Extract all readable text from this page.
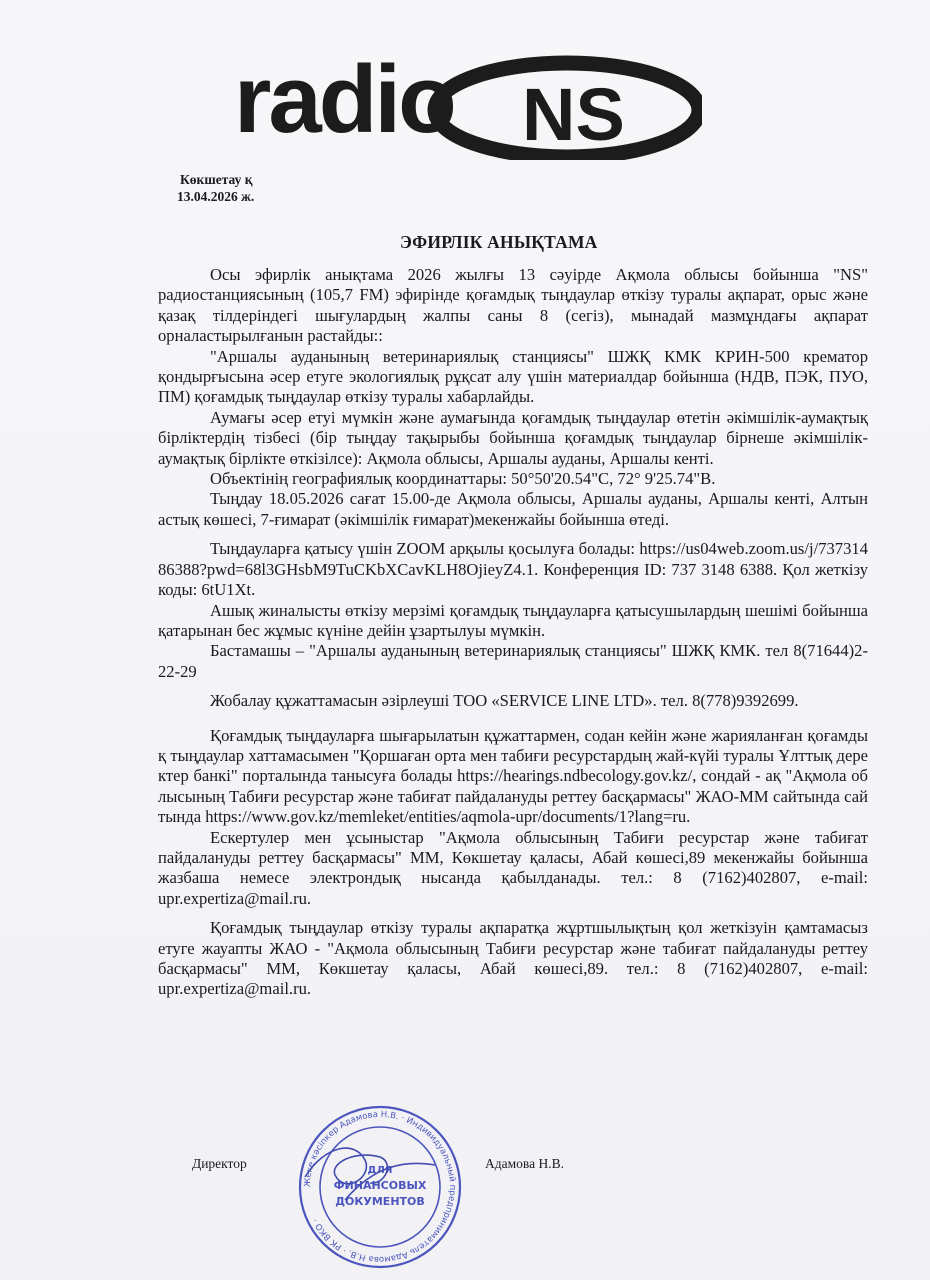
radio NS
Көкшетау қ
13.04.2026 ж.
ЭФИРЛІК АНЫҚТАМА

Осы эфирлік анықтама 2026 жылғы 13 сәуірде Ақмола облысы бойынша "NS" радиостанциясының (105,7 FM) эфирінде қоғамдық тыңдаулар өткізу туралы ақпарат, орыс және қазақ тілдеріндегі шығулардың жалпы саны 8 (сегіз), мынадай мазмұндағы ақпарат орналастырылғанын растайды::

"Аршалы ауданының ветеринариялық станциясы" ШЖҚ КМК КРИН-500 крематор қондырғысына әсер етуге экологиялық рұқсат алу үшін материалдар бойынша (НДВ, ПЭК, ПУО, ПМ) қоғамдық тыңдаулар өткізу туралы хабарлайды.

Аумағы әсер етуі мүмкін және аумағында қоғамдық тыңдаулар өтетін әкімшілік-аумақтық бірліктердің тізбесі (бір тыңдау тақырыбы бойынша қоғамдық тыңдаулар бірнеше әкімшілік-аумақтық бірлікте өткізілсе): Ақмола облысы, Аршалы ауданы, Аршалы кенті.

Объектінің географиялық координаттары: 50°50'20.54"С, 72° 9'25.74"В.

Тыңдау 18.05.2026 сағат 15.00-де Ақмола облысы, Аршалы ауданы, Аршалы кенті, Алтын астық көшесі, 7-ғимарат (әкімшілік ғимарат)мекенжайы бойынша өтеді.

Тыңдауларға қатысу үшін ZOOM арқылы қосылуға болады: https://us04web.zoom.us/j/73731486388?pwd=68l3GHsbM9TuCKbXCavKLH8OjieyZ4.1. Конференция ID: 737 3148 6388. Қол жеткізу коды: 6tU1Xt.

Ашық жиналысты өткізу мерзімі қоғамдық тыңдауларға қатысушылардың шешімі бойынша қатарынан бес жұмыс күніне дейін ұзартылуы мүмкін.

Бастамашы – "Аршалы ауданының ветеринариялық станциясы" ШЖҚ КМК. тел 8(71644)2-22-29

Жобалау құжаттамасын әзірлеуші ТОО «SERVICE LINE LTD». тел. 8(778)9392699.

Қоғамдық тыңдауларға шығарылатын құжаттармен, содан кейін және жарияланған қоғамдық тыңдаулар хаттамасымен "Қоршаған орта мен табиғи ресурстардың жай-күйі туралы Ұлттық деректер банкі" порталында танысуға болады https://hearings.ndbecology.gov.kz/, сондай - ақ "Ақмола облысының Табиғи ресурстар және табиғат пайдалануды реттеу басқармасы" ЖАО-ММ сайтында сайтында https://www.gov.kz/memleket/entities/aqmola-upr/documents/1?lang=ru.

Ескертулер мен ұсыныстар "Ақмола облысының Табиғи ресурстар және табиғат пайдалануды реттеу басқармасы" ММ, Көкшетау қаласы, Абай көшесі,89 мекенжайы бойынша жазбаша немесе электрондық нысанда қабылданады. тел.: 8 (7162)402807, e-mail: upr.expertiza@mail.ru.

Қоғамдық тыңдаулар өткізу туралы ақпаратқа жұртшылықтың қол жеткізуін қамтамасыз етуге жауапты ЖАО - "Ақмола облысының Табиғи ресурстар және табиғат пайдалануды реттеу басқармасы" ММ, Көкшетау қаласы, Абай көшесі,89. тел.: 8 (7162)402807, e-mail: upr.expertiza@mail.ru.

Директор	Адамова Н.В.
Жеке кәсіпкер Адамова Н.В. · Индивидуальный предприниматель Адамова Н.В. · РК ВКО ·
ДЛЯ
ФИНАНСОВЫХ
ДОКУМЕНТОВ
